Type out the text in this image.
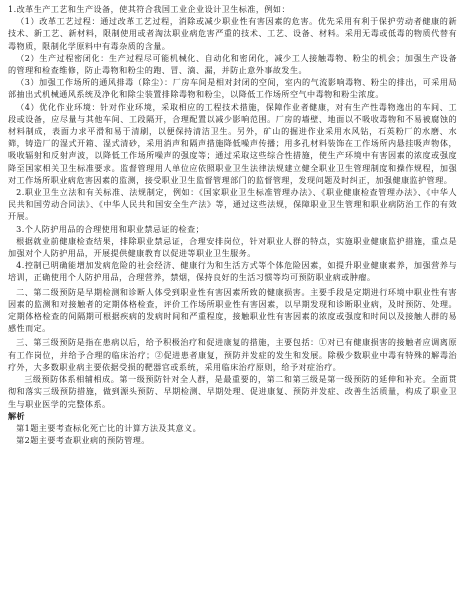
1.改革生产工艺和生产设备，使其符合我国工业企业设计卫生标准，例如：

（1）改革工艺过程：通过改革工艺过程，消除或减少职业性有害因素的危害。优先采用有利于保护劳动者健康的新技术、新工艺、新材料，限制使用或者淘汰职业病危害严重的技术、工艺、设备、材料。采用无毒或低毒的物质代替有毒物质，限制化学原料中有毒杂质的含量。

（2）生产过程密闭化：生产过程尽可能机械化、自动化和密闭化，减少工人接触毒物、粉尘的机会；加强生产设备的管理和检查维修，防止毒物和粉尘的跑、冒、滴、漏，并防止意外事故发生。

（3）加强工作场所的通风排毒（除尘）：厂房车间是相对封闭的空间，室内的气流影响毒物、粉尘的排出，可采用局部抽出式机械通风系统及净化和除尘装置排除毒物和粉尘，以降低工作场所空气中毒物和粉尘浓度。

（4）优化作业环境：针对作业环境，采取相应的工程技术措施，保障作业者健康，对有生产性毒物逸出的车间、工段或设备，应尽量与其他车间、工段隔开，合理配置以减少影响范围。厂房的墙壁、地面以不吸收毒物和不易被腐蚀的材料制成，表面力求平滑和易于清刷，以便保持清洁卫生。另外，矿山的掘进作业采用水风钻，石英粉厂的水磨、水筛，铸造厂的湿式开箱、湿式清砂，采用消声和隔声措施降低噪声传播；用多孔材料装饰在工作场所内悬挂吸声物体，吸收辐射和反射声波，以降低工作场所噪声的强度等；通过采取这些综合性措施，使生产环境中有害因素的浓度或强度降至国家相关卫生标准要求。监督管理用人单位应依照职业卫生法律法规建立健全职业卫生管理制度和操作规程，加强对工作场所职业病危害因素的监测，接受职业卫生监督管理部门的监督管理，发现问题及时纠正，加强健康监护管理。

2.职业卫生立法和有关标准、法规制定，例如：《国家职业卫生标准管理办法》、《职业健康检查管理办法》、《中华人民共和国劳动合同法》、《中华人民共和国安全生产法》等，通过这些法规，保障职业卫生管理和职业病防治工作的有效开展。

3.个人防护用品的合理使用和职业禁忌证的检查；

根据就业前健康检查结果，排除职业禁忌证，合理安排岗位，针对职业人群的特点，实施职业健康监护措施，重点是加强对个人防护用品，开展提供健康教育以促进等职业卫生服务。

4.控制已明确能增加发病危险的社会经济、健康行为和生活方式等个体危险因素，如提升职业健康素养，加强营养与培训，正确使用个人防护用品，合理营养，禁烟，保持良好的生活习惯等均可预防职业病或肿瘤。

二、第二级预防是早期检测和诊断人体受到职业性有害因素所致的健康损害。主要手段是定期进行环境中职业性有害因素的监测和对接触者的定期体格检查，评价工作场所职业性有害因素，以早期发现和诊断职业病，及时预防、处理。定期体格检查的间隔期可根据疾病的发病时间和严重程度，接触职业性有害因素的浓度或强度和时间以及接触人群的易感性而定。

三、第三级预防是指在患病以后，给予积极治疗和促进康复的措施，主要包括：①对已有健康损害的接触者应调离原有工作岗位，并给予合理的临床治疗；②促进患者康复，预防并发症的发生和发展。除极少数职业中毒有特殊的解毒治疗外，大多数职业病主要依据受损的靶器官或系统，采用临床治疗原则，给予对症治疗。

三级预防体系相辅相成。第一级预防针对全人群，是最重要的，第二和第三级是第一级预防的延伸和补充。全面贯彻和落实三级预防措施，做到源头预防、早期检测、早期处理、促进康复、预防并发症、改善生活质量，构成了职业卫生与职业医学的完整体系。

解析

第1题主要考查标化死亡比的计算方法及其意义。

第2题主要考查职业病的预防管理。
